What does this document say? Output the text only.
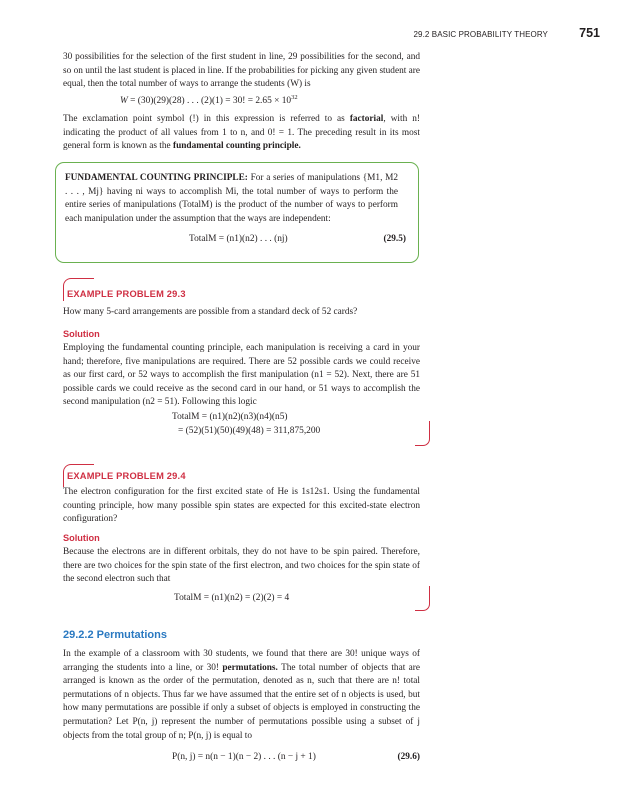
29.2 BASIC PROBABILITY THEORY 751
30 possibilities for the selection of the first student in line, 29 possibilities for the second, and so on until the last student is placed in line. If the probabilities for picking any given student are equal, then the total number of ways to arrange the students (W) is
W = (30)(29)(28) . . . (2)(1) = 30! = $2.65 \times 10^{32}$
The exclamation point symbol (!) in this expression is referred to as factorial, with n! indicating the product of all values from 1 to n, and 0! = 1. The preceding result in its most general form is known as the fundamental counting principle.
FUNDAMENTAL COUNTING PRINCIPLE: For a series of manipulations {M1, M2 . . . , Mj} having ni ways to accomplish Mi, the total number of ways to perform the entire series of manipulations (TotalM) is the product of the number of ways to perform each manipulation under the assumption that the ways are independent:
TotalM = (n1)(n2) . . . (nj)	(29.5)
EXAMPLE PROBLEM 29.3
How many 5-card arrangements are possible from a standard deck of 52 cards?
Solution
Employing the fundamental counting principle, each manipulation is receiving a card in your hand; therefore, five manipulations are required. There are 52 possible cards we could receive as our first card, or 52 ways to accomplish the first manipulation (n1 = 52). Next, there are 51 possible cards we could receive as the second card in our hand, or 51 ways to accomplish the second manipulation (n2 = 51). Following this logic
TotalM = (n1)(n2)(n3)(n4)(n5)
= (52)(51)(50)(49)(48) = 311,875,200
EXAMPLE PROBLEM 29.4
The electron configuration for the first excited state of He is 1s12s1. Using the fundamental counting principle, how many possible spin states are expected for this excited-state electron configuration?
Solution
Because the electrons are in different orbitals, they do not have to be spin paired. Therefore, there are two choices for the spin state of the first electron, and two choices for the spin state of the second electron such that
TotalM = (n1)(n2) = (2)(2) = 4
29.2.2 Permutations
In the example of a classroom with 30 students, we found that there are 30! unique ways of arranging the students into a line, or 30! permutations. The total number of objects that are arranged is known as the order of the permutation, denoted as n, such that there are n! total permutations of n objects. Thus far we have assumed that the entire set of n objects is used, but how many permutations are possible if only a subset of objects is employed in constructing the permutation? Let P(n, j) represent the number of permutations possible using a subset of j objects from the total group of n; P(n, j) is equal to
P(n, j) = n(n − 1)(n − 2) . . . (n − j + 1)	(29.6)
